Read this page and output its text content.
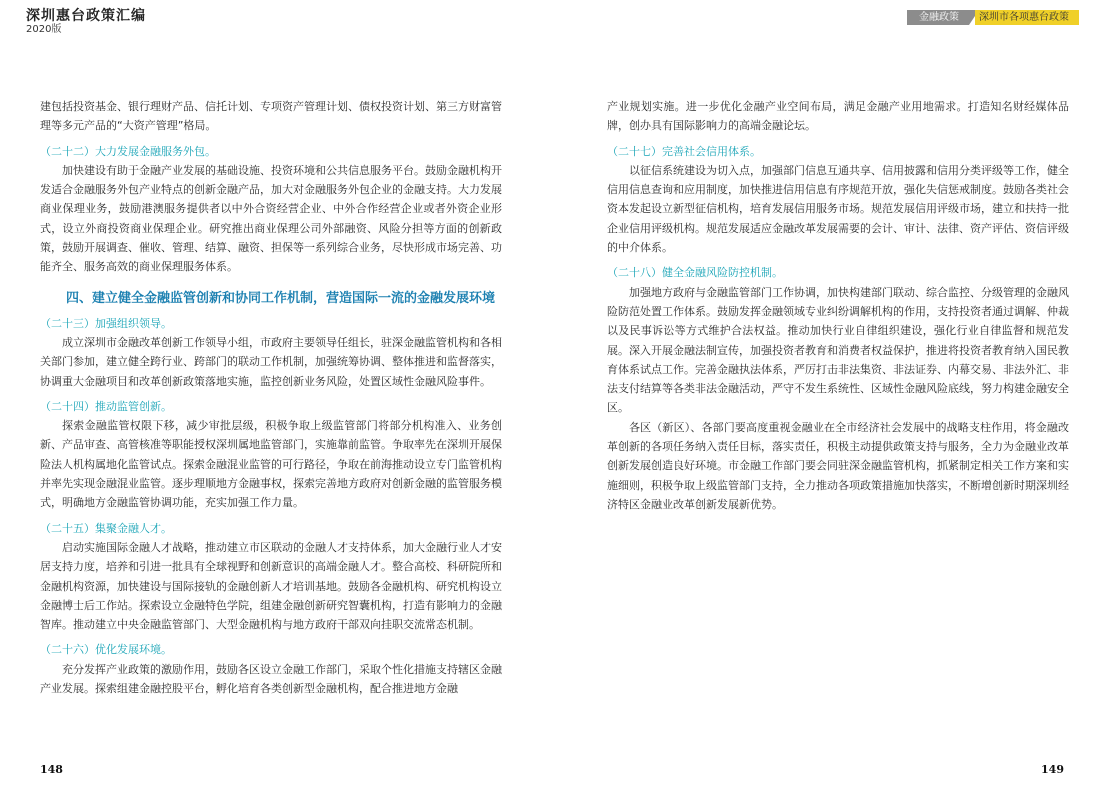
深圳惠台政策汇编
2020版
金融政策	深圳市各项惠台政策

建包括投资基金、银行理财产品、信托计划、专项资产管理计划、债权投资计划、第三方财富管理等多元产品的“大资产管理”格局。

（二十二）大力发展金融服务外包。

加快建设有助于金融产业发展的基础设施、投资环境和公共信息服务平台。鼓励金融机构开发适合金融服务外包产业特点的创新金融产品，加大对金融服务外包企业的金融支持。大力发展商业保理业务，鼓励港澳服务提供者以中外合资经营企业、中外合作经营企业或者外资企业形式，设立外商投资商业保理企业。研究推出商业保理公司外部融资、风险分担等方面的创新政策，鼓励开展调查、催收、管理、结算、融资、担保等一系列综合业务，尽快形成市场完善、功能齐全、服务高效的商业保理服务体系。

四、建立健全金融监管创新和协同工作机制，营造国际一流的金融发展环境

（二十三）加强组织领导。

成立深圳市金融改革创新工作领导小组，市政府主要领导任组长，驻深金融监管机构和各相关部门参加，建立健全跨行业、跨部门的联动工作机制，加强统筹协调、整体推进和监督落实，协调重大金融项目和改革创新政策落地实施，监控创新业务风险，处置区域性金融风险事件。

（二十四）推动监管创新。

探索金融监管权限下移，减少审批层级，积极争取上级监管部门将部分机构准入、业务创新、产品审查、高管核准等职能授权深圳属地监管部门，实施靠前监管。争取率先在深圳开展保险法人机构属地化监管试点。探索金融混业监管的可行路径，争取在前海推动设立专门监管机构并率先实现金融混业监管。逐步理顺地方金融事权，探索完善地方政府对创新金融的监管服务模式，明确地方金融监管协调功能，充实加强工作力量。

（二十五）集聚金融人才。

启动实施国际金融人才战略，推动建立市区联动的金融人才支持体系，加大金融行业人才安居支持力度，培养和引进一批具有全球视野和创新意识的高端金融人才。整合高校、科研院所和金融机构资源，加快建设与国际接轨的金融创新人才培训基地。鼓励各金融机构、研究机构设立金融博士后工作站。探索设立金融特色学院，组建金融创新研究智囊机构，打造有影响力的金融智库。推动建立中央金融监管部门、大型金融机构与地方政府干部双向挂职交流常态机制。

（二十六）优化发展环境。

充分发挥产业政策的激励作用，鼓励各区设立金融工作部门，采取个性化措施支持辖区金融产业发展。探索组建金融控股平台，孵化培育各类创新型金融机构，配合推进地方金融

产业规划实施。进一步优化金融产业空间布局，满足金融产业用地需求。打造知名财经媒体品牌，创办具有国际影响力的高端金融论坛。

（二十七）完善社会信用体系。

以征信系统建设为切入点，加强部门信息互通共享、信用披露和信用分类评级等工作，健全信用信息查询和应用制度，加快推进信用信息有序规范开放，强化失信惩戒制度。鼓励各类社会资本发起设立新型征信机构，培育发展信用服务市场。规范发展信用评级市场，建立和扶持一批企业信用评级机构。规范发展适应金融改革发展需要的会计、审计、法律、资产评估、资信评级的中介体系。

（二十八）健全金融风险防控机制。

加强地方政府与金融监管部门工作协调，加快构建部门联动、综合监控、分级管理的金融风险防范处置工作体系。鼓励发挥金融领域专业纠纷调解机构的作用，支持投资者通过调解、仲裁以及民事诉讼等方式维护合法权益。推动加快行业自律组织建设，强化行业自律监督和规范发展。深入开展金融法制宣传，加强投资者教育和消费者权益保护，推进将投资者教育纳入国民教育体系试点工作。完善金融执法体系，严厉打击非法集资、非法证券、内幕交易、非法外汇、非法支付结算等各类非法金融活动，严守不发生系统性、区域性金融风险底线，努力构建金融安全区。

各区（新区）、各部门要高度重视金融业在全市经济社会发展中的战略支柱作用，将金融改革创新的各项任务纳入责任目标，落实责任，积极主动提供政策支持与服务，全力为金融业改革创新发展创造良好环境。市金融工作部门要会同驻深金融监管机构，抓紧制定相关工作方案和实施细则，积极争取上级监管部门支持，全力推动各项政策措施加快落实，不断增创新时期深圳经济特区金融业改革创新发展新优势。

148	149
